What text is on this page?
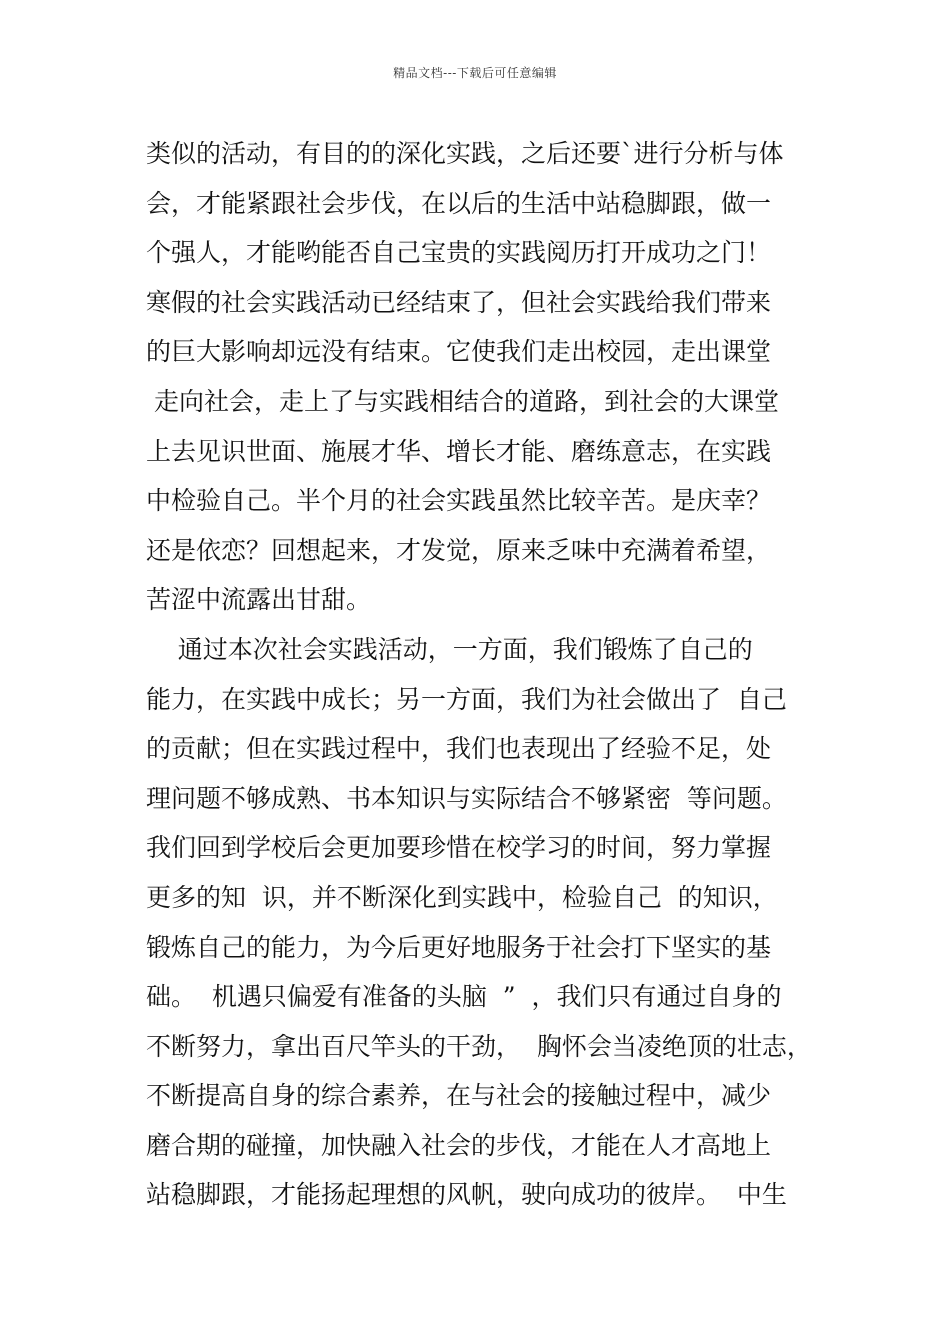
精品文档---下载后可任意编辑
类似的活动，有目的的深化实践，之后还要`进行分析与体
会，才能紧跟社会步伐，在以后的生活中站稳脚跟，做一
个强人，才能哟能否自己宝贵的实践阅历打开成功之门！
寒假的社会实践活动已经结束了，但社会实践给我们带来
的巨大影响却远没有结束。它使我们走出校园，走出课堂
走向社会，走上了与实践相结合的道路，到社会的大课堂
上去见识世面、施展才华、增长才能、磨练意志，在实践
中检验自己。半个月的社会实践虽然比较辛苦。是庆幸？
还是依恋？回想起来，才发觉，原来乏味中充满着希望，
苦涩中流露出甘甜。
通过本次社会实践活动，一方面，我们锻炼了自己的
能力，在实践中成长；另一方面，我们为社会做出了  自己
的贡献；但在实践过程中，我们也表现出了经验不足，处
理问题不够成熟、书本知识与实际结合不够紧密  等问题。
我们回到学校后会更加要珍惜在校学习的时间，努力掌握
更多的知  识，并不断深化到实践中，检验自己  的知识，
锻炼自己的能力，为今后更好地服务于社会打下坚实的基
础。  机遇只偏爱有准备的头脑  ”  ，我们只有通过自身的
不断努力，拿出百尺竿头的干劲，  胸怀会当凌绝顶的壮志，
不断提高自身的综合素养，在与社会的接触过程中，减少
磨合期的碰撞，加快融入社会的步伐，才能在人才高地上
站稳脚跟，才能扬起理想的风帆，驶向成功的彼岸。  中生
